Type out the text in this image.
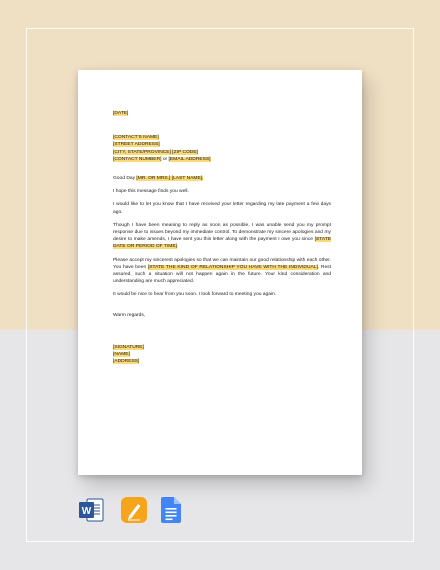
[DATE]

[CONTACT'S NAME]
[STREET ADDRESS]
[CITY, STATE/PROVINCE] [ZIP CODE]
[CONTACT NUMBER] or [EMAIL ADDRESS]

Good Day [MR. OR MRS.] [LAST NAME],

I hope this message finds you well.

I would like to let you know that I have received your letter regarding my late payment a few days ago.

Though I have been meaning to reply as soon as possible, I was unable send you my prompt response due to issues beyond my immediate control. To demonstrate my sincere apologies and my desire to make amends, I have sent you this letter along with the payment I owe you since [STATE DATE OR PERIOD OF TIME].

Please accept my sincerest apologies so that we can maintain our good relationship with each other. You have been [STATE THE KIND OF RELATIONSHIP YOU HAVE WITH THE INDIVIDUAL]. Rest assured, such a situation will not happen again in the future. Your kind consideration and understanding are much appreciated.

It would be nice to hear from you soon. I look forward to meeting you again.

Warm regards,

[SIGNATURE]
[NAME]
[ADDRESS]

W
